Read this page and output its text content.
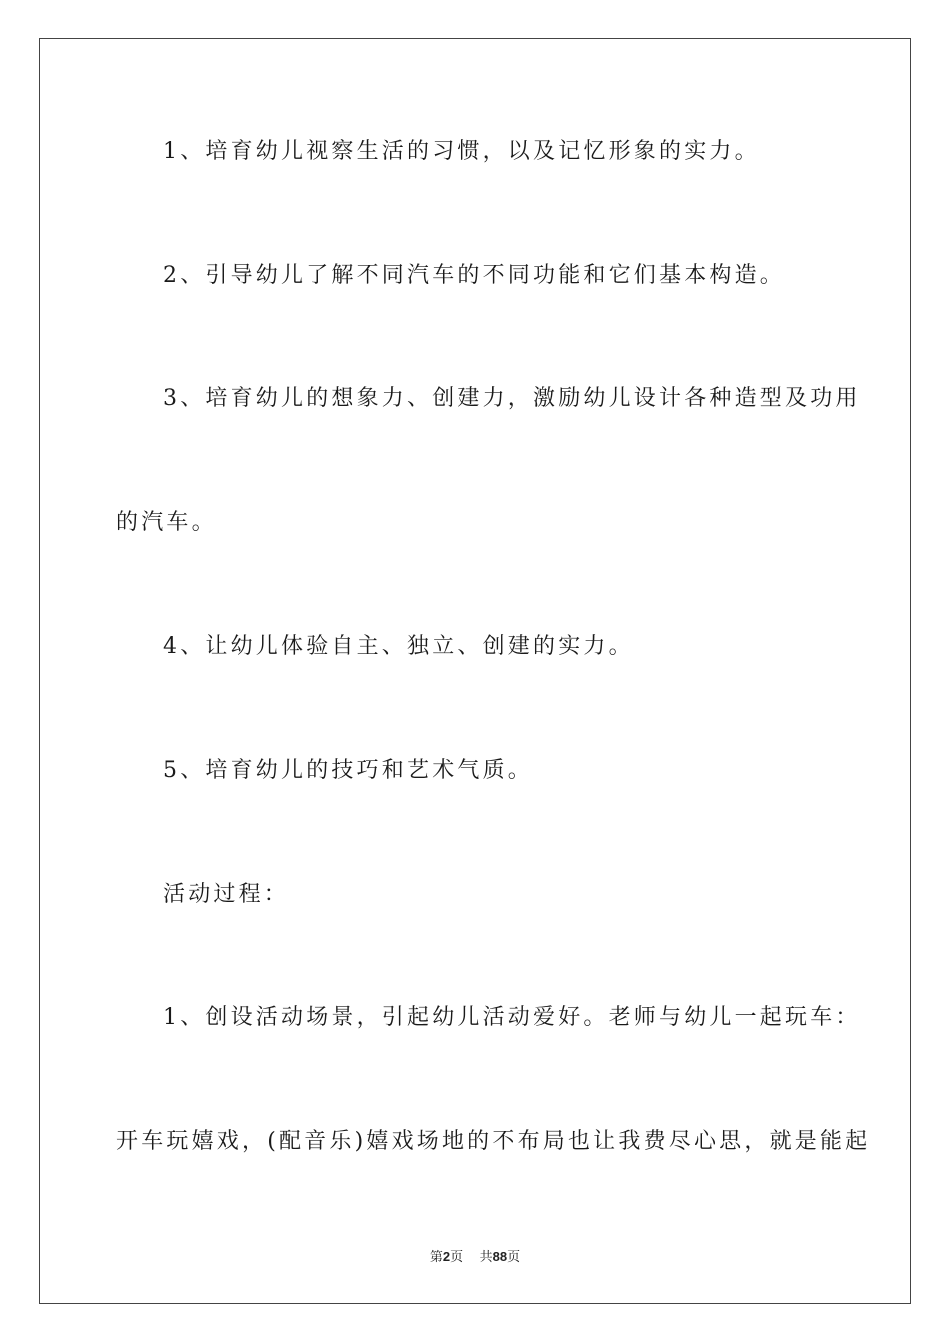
1、培育幼儿视察生活的习惯，以及记忆形象的实力。
2、引导幼儿了解不同汽车的不同功能和它们基本构造。
3、培育幼儿的想象力、创建力，激励幼儿设计各种造型及功用
的汽车。
4、让幼儿体验自主、独立、创建的实力。
5、培育幼儿的技巧和艺术气质。
活动过程：
1、创设活动场景，引起幼儿活动爱好。老师与幼儿一起玩车：
开车玩嬉戏，(配音乐)嬉戏场地的不布局也让我费尽心思，就是能起
第2页 共88页
